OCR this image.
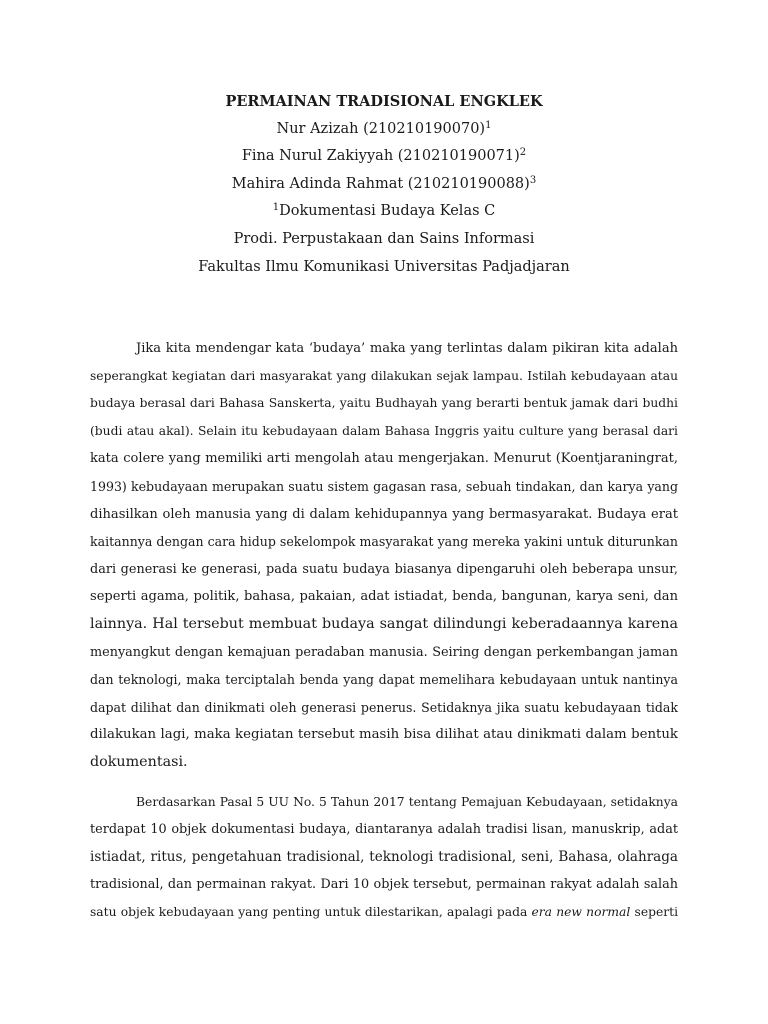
PERMAINAN TRADISIONAL ENGKLEK
Nur Azizah $(210210190070)^1$
Fina Nurul Zakiyyah $(210210190071)^2$
Mahira Adinda Rahmat $(210210190088)^3$
$^1$Dokumentasi Budaya Kelas C
Prodi. Perpustakaan dan Sains Informasi
Fakultas Ilmu Komunikasi Universitas Padjadjaran
Jika kita mendengar kata ‘budaya’ maka yang terlintas dalam pikiran kita adalah
seperangkat kegiatan dari masyarakat yang dilakukan sejak lampau. Istilah kebudayaan atau
budaya berasal dari Bahasa Sanskerta, yaitu Budhayah yang berarti bentuk jamak dari budhi
(budi atau akal). Selain itu kebudayaan dalam Bahasa Inggris yaitu culture yang berasal dari
kata colere yang memiliki arti mengolah atau mengerjakan. Menurut (Koentjaraningrat,
1993) kebudayaan merupakan suatu sistem gagasan rasa, sebuah tindakan, dan karya yang
dihasilkan oleh manusia yang di dalam kehidupannya yang bermasyarakat. Budaya erat
kaitannya dengan cara hidup sekelompok masyarakat yang mereka yakini untuk diturunkan
dari generasi ke generasi, pada suatu budaya biasanya dipengaruhi oleh beberapa unsur,
seperti agama, politik, bahasa, pakaian, adat istiadat, benda, bangunan, karya seni, dan
lainnya. Hal tersebut membuat budaya sangat dilindungi keberadaannya karena
menyangkut dengan kemajuan peradaban manusia. Seiring dengan perkembangan jaman
dan teknologi, maka terciptalah benda yang dapat memelihara kebudayaan untuk nantinya
dapat dilihat dan dinikmati oleh generasi penerus. Setidaknya jika suatu kebudayaan tidak
dilakukan lagi, maka kegiatan tersebut masih bisa dilihat atau dinikmati dalam bentuk
dokumentasi.
Berdasarkan Pasal 5 UU No. 5 Tahun 2017 tentang Pemajuan Kebudayaan, setidaknya
terdapat 10 objek dokumentasi budaya, diantaranya adalah tradisi lisan, manuskrip, adat
istiadat, ritus, pengetahuan tradisional, teknologi tradisional, seni, Bahasa, olahraga
tradisional, dan permainan rakyat. Dari 10 objek tersebut, permainan rakyat adalah salah
satu objek kebudayaan yang penting untuk dilestarikan, apalagi pada era new normal seperti
